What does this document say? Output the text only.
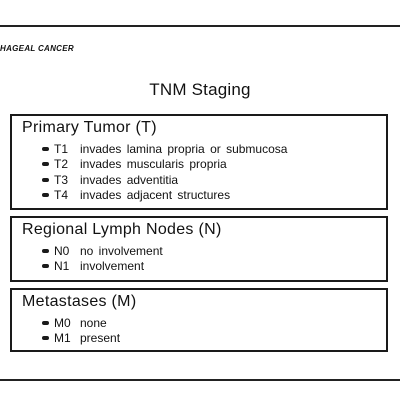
HAGEAL CANCER
TNM Staging
Primary Tumor (T)
T1 invades lamina propria or submucosa
T2 invades muscularis propria
T3 invades adventitia
T4 invades adjacent structures
Regional Lymph Nodes (N)
N0 no involvement
N1 involvement
Metastases (M)
M0 none
M1 present
